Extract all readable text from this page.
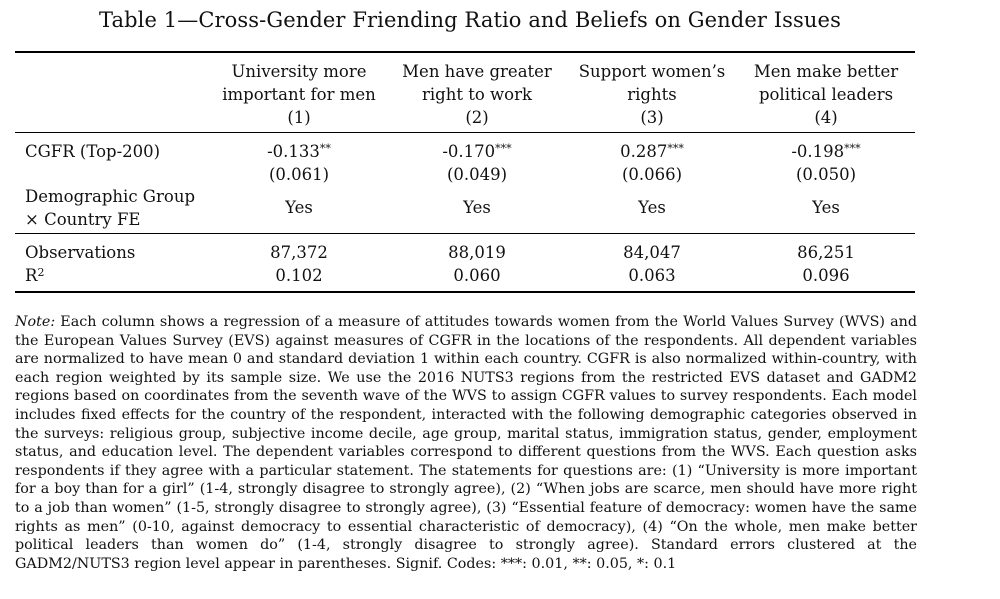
Table 1—Cross-Gender Friending Ratio and Beliefs on Gender Issues
University more
important for men
(1)
Men have greater
right to work
(2)
Support women’s
rights
(3)
Men make better
political leaders
(4)
CGFR (Top-200)	-0.133**	-0.170***	0.287***	-0.198***
(0.061)	(0.049)	(0.066)	(0.050)
Demographic Group
× Country FE
Yes	Yes	Yes	Yes
Observations	87,372	88,019	84,047	86,251
$R^2$	0.102	0.060	0.063	0.096
Note: Each column shows a regression of a measure of attitudes towards women from the World Values Survey (WVS) and the European Values Survey (EVS) against measures of CGFR in the locations of the respondents. All dependent variables are normalized to have mean 0 and standard deviation 1 within each country. CGFR is also normalized within-country, with each region weighted by its sample size. We use the 2016 NUTS3 regions from the restricted EVS dataset and GADM2 regions based on coordinates from the seventh wave of the WVS to assign CGFR values to survey respondents. Each model includes fixed effects for the country of the respondent, interacted with the following demographic categories observed in the surveys: religious group, subjective income decile, age group, marital status, immigration status, gender, employment status, and education level. The dependent variables correspond to different questions from the WVS. Each question asks respondents if they agree with a particular statement. The statements for questions are: (1) “University is more important for a boy than for a girl” (1-4, strongly disagree to strongly agree), (2) “When jobs are scarce, men should have more right to a job than women” (1-5, strongly disagree to strongly agree), (3) “Essential feature of democracy: women have the same rights as men” (0-10, against democracy to essential characteristic of democracy), (4) “On the whole, men make better political leaders than women do” (1-4, strongly disagree to strongly agree). Standard errors clustered at the GADM2/NUTS3 region level appear in parentheses. Signif. Codes: ***: 0.01, **: 0.05, *: 0.1
